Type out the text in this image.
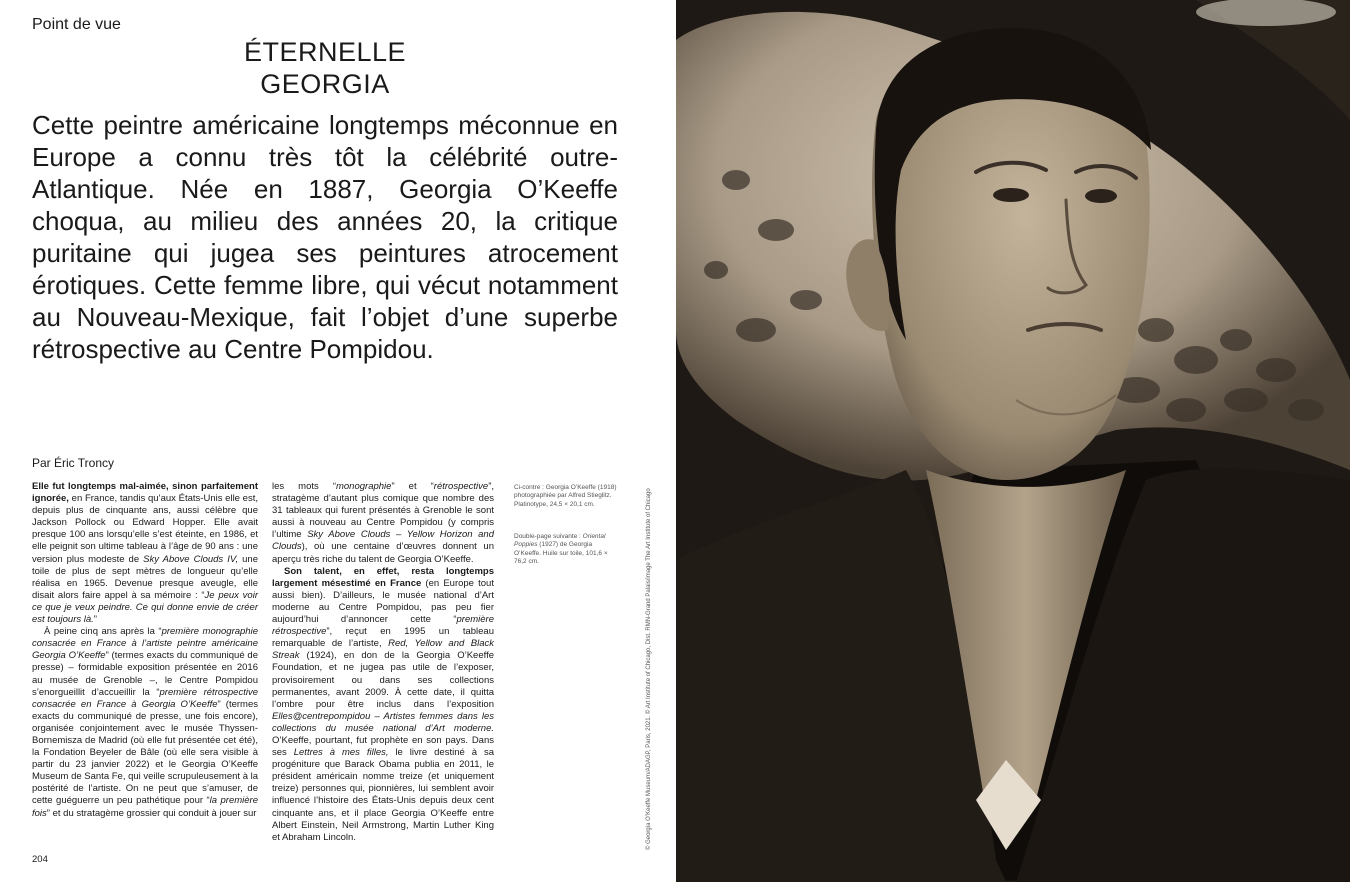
Point de vue
ÉTERNELLE
GEORGIA

Cette peintre américaine longtemps méconnue en Europe a connu très tôt la célébrité outre-Atlantique. Née en 1887, Georgia O’Keeffe choqua, au milieu des années 20, la critique puritaine qui jugea ses peintures atrocement érotiques. Cette femme libre, qui vécut notamment au Nouveau-Mexique, fait l’objet d’une superbe rétrospective au Centre Pompidou.

Par Éric Troncy

Elle fut longtemps mal-aimée, sinon parfaitement ignorée, en France, tandis qu’aux États-Unis elle est, depuis plus de cinquante ans, aussi célèbre que Jackson Pollock ou Edward Hopper. Elle avait presque 100 ans lorsqu’elle s’est éteinte, en 1986, et elle peignit son ultime tableau à l’âge de 90 ans : une version plus modeste de Sky Above Clouds IV, une toile de plus de sept mètres de longueur qu’elle réalisa en 1965. Devenue presque aveugle, elle disait alors faire appel à sa mémoire : “Je peux voir ce que je veux peindre. Ce qui donne envie de créer est toujours là.”

À peine cinq ans après la “première monographie consacrée en France à l’artiste peintre américaine Georgia O’Keeffe” (termes exacts du communiqué de presse) – formidable exposition présentée en 2016 au musée de Grenoble –, le Centre Pompidou s’enorgueillit d’accueillir la “première rétrospective consacrée en France à Georgia O’Keeffe” (termes exacts du communiqué de presse, une fois encore), organisée conjointement avec le musée Thyssen-Bornemisza de Madrid (où elle fut présentée cet été), la Fondation Beyeler de Bâle (où elle sera visible à partir du 23 janvier 2022) et le Georgia O’Keeffe Museum de Santa Fe, qui veille scrupuleusement à la postérité de l’artiste. On ne peut que s’amuser, de cette guéguerre un peu pathétique pour “la première fois” et du stratagème grossier qui conduit à jouer sur

les mots “monographie” et “rétrospective”, stratagème d’autant plus comique que nombre des 31 tableaux qui furent présentés à Grenoble le sont aussi à nouveau au Centre Pompidou (y compris l’ultime Sky Above Clouds – Yellow Horizon and Clouds), où une centaine d’œuvres donnent un aperçu très riche du talent de Georgia O’Keeffe.

Son talent, en effet, resta longtemps largement mésestimé en France (en Europe tout aussi bien). D’ailleurs, le musée national d’Art moderne au Centre Pompidou, pas peu fier aujourd’hui d’annoncer cette “première rétrospective”, reçut en 1995 un tableau remarquable de l’artiste, Red, Yellow and Black Streak (1924), en don de la Georgia O’Keeffe Foundation, et ne jugea pas utile de l’exposer, provisoirement ou dans ses collections permanentes, avant 2009. À cette date, il quitta l’ombre pour être inclus dans l’exposition Elles@centrepompidou – Artistes femmes dans les collections du musée national d’Art moderne. O’Keeffe, pourtant, fut prophète en son pays. Dans ses Lettres à mes filles, le livre destiné à sa progéniture que Barack Obama publia en 2011, le président américain nomme treize (et uniquement treize) personnes qui, pionnières, lui semblent avoir influencé l’histoire des États-Unis depuis deux cent cinquante ans, et il place Georgia O’Keeffe entre Albert Einstein, Neil Armstrong, Martin Luther King et Abraham Lincoln.

Ci-contre : Georgia O’Keeffe (1918) photographiée par Alfred Stieglitz. Platinotype, 24,5 × 20,1 cm.

Double-page suivante : Oriental Poppies (1927) de Georgia O’Keeffe. Huile sur toile, 101,6 × 76,2 cm.

204
© Georgia O’Keeffe Museum/ADAGP, Paris, 2021. © Art Institute of Chicago, Dist. RMN-Grand Palais/image The Art Institute of Chicago
